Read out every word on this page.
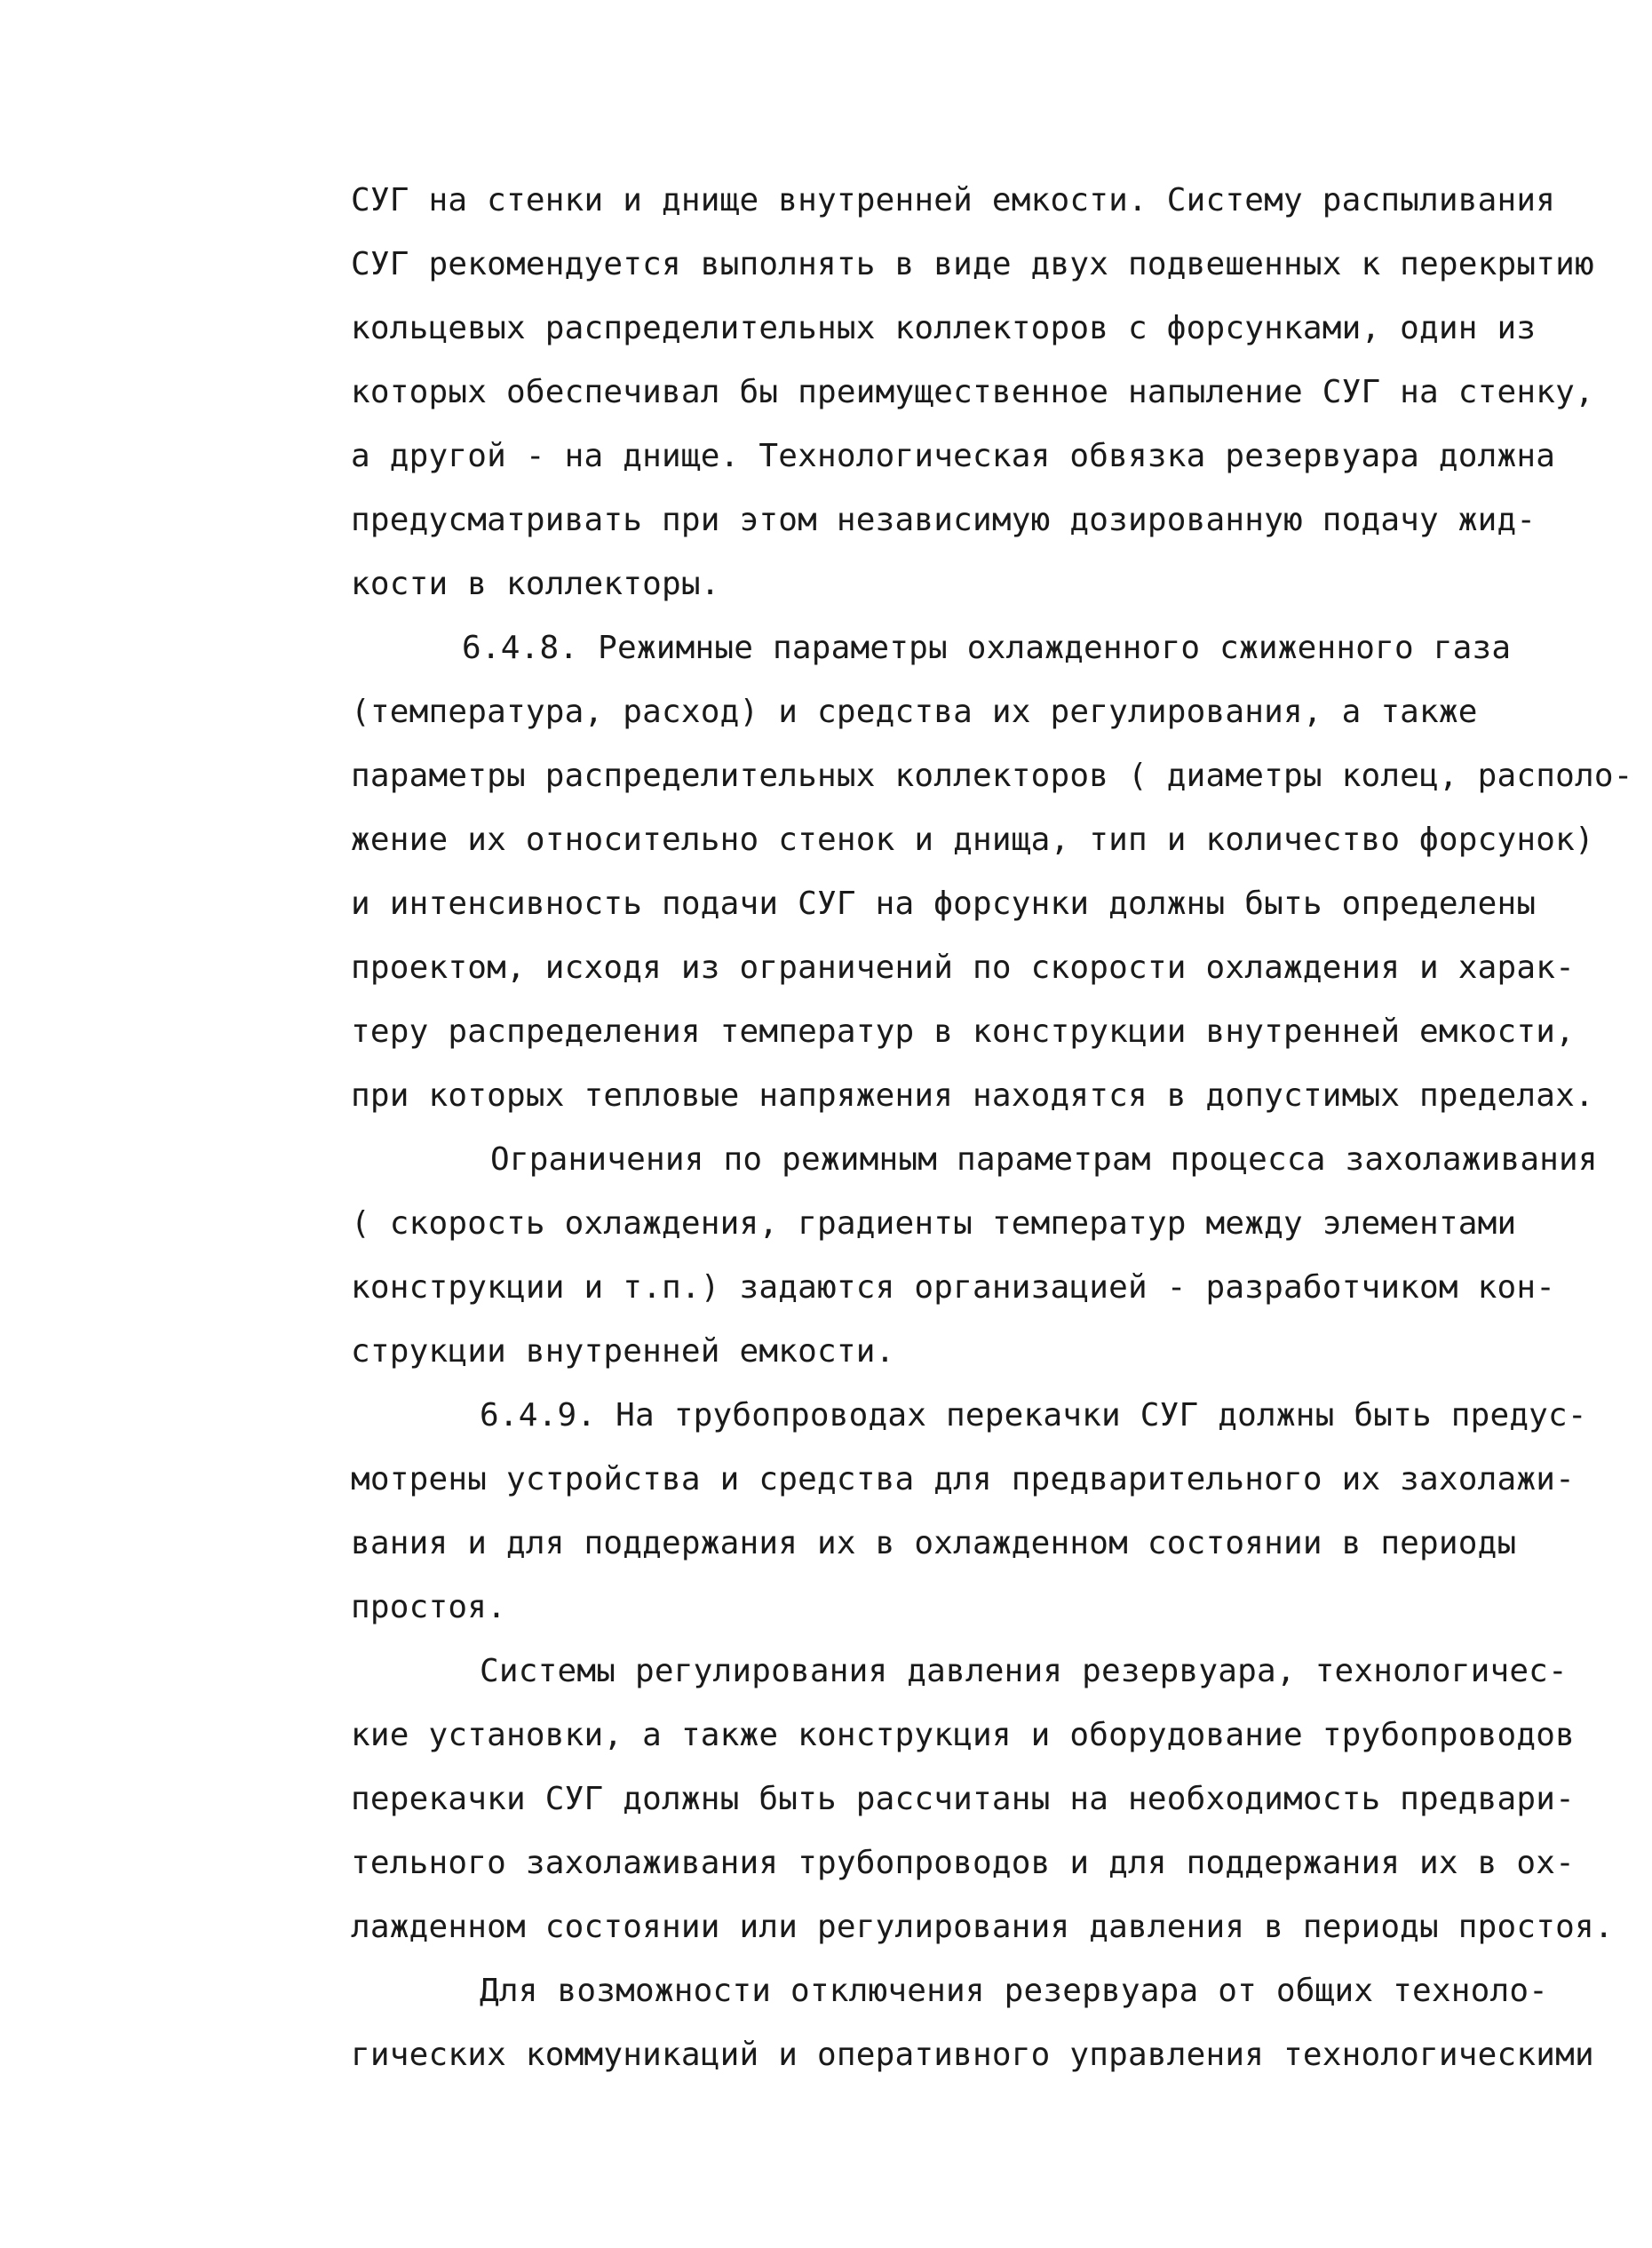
СУГ на стенки и днище внутренней емкости. Систему распыливания
СУГ рекомендуется выполнять в виде двух подвешенных к перекрытию
кольцевых распределительных коллекторов с форсунками, один из
которых обеспечивал бы преимущественное напыление СУГ на стенку,
а другой - на днище. Технологическая обвязка резервуара должна
предусматривать при этом независимую дозированную подачу жид-
кости в коллекторы.
6.4.8. Режимные параметры охлажденного сжиженного газа
(температура, расход) и средства их регулирования, а также
параметры распределительных коллекторов ( диаметры колец, располо-
жение их относительно стенок и днища, тип и количество форсунок)
и интенсивность подачи СУГ на форсунки должны быть определены
проектом, исходя из ограничений по скорости охлаждения и харак-
теру распределения температур в конструкции внутренней емкости,
при которых тепловые напряжения находятся в допустимых пределах.
Ограничения по режимным параметрам процесса захолаживания
( скорость охлаждения, градиенты температур между элементами
конструкции и т.п.) задаются организацией - разработчиком кон-
струкции внутренней емкости.
6.4.9. На трубопроводах перекачки СУГ должны быть предус-
мотрены устройства и средства для предварительного их захолажи-
вания и для поддержания их в охлажденном состоянии в периоды
простоя.
Системы регулирования давления резервуара, технологичес-
кие установки, а также конструкция и оборудование трубопроводов
перекачки СУГ должны быть рассчитаны на необходимость предвари-
тельного захолаживания трубопроводов и для поддержания их в ох-
лажденном состоянии или регулирования давления в периоды простоя.
Для возможности отключения резервуара от общих техноло-
гических коммуникаций и оперативного управления технологическими
